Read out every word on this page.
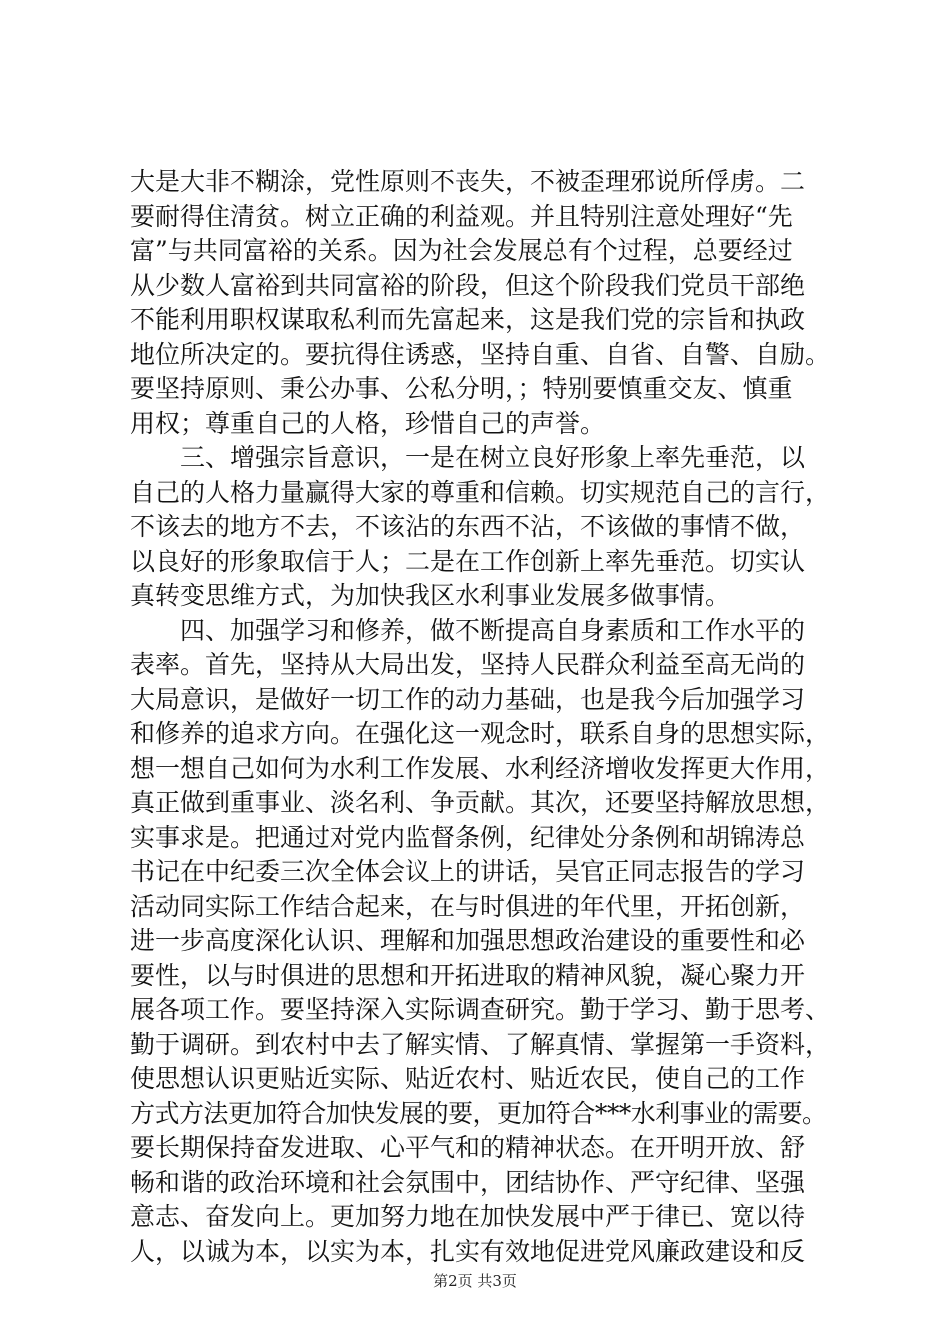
大是大非不糊涂，党性原则不丧失，不被歪理邪说所俘虏。二
要耐得住清贫。树立正确的利益观。并且特别注意处理好“先
富”与共同富裕的关系。因为社会发展总有个过程，总要经过
从少数人富裕到共同富裕的阶段，但这个阶段我们党员干部绝
不能利用职权谋取私利而先富起来，这是我们党的宗旨和执政
地位所决定的。要抗得住诱惑，坚持自重、自省、自警、自励。
要坚持原则、秉公办事、公私分明，；特别要慎重交友、慎重
用权；尊重自己的人格，珍惜自己的声誉。
　　三、增强宗旨意识，一是在树立良好形象上率先垂范，以
自己的人格力量赢得大家的尊重和信赖。切实规范自己的言行，
不该去的地方不去，不该沾的东西不沾，不该做的事情不做，
以良好的形象取信于人；二是在工作创新上率先垂范。切实认
真转变思维方式，为加快我区水利事业发展多做事情。
　　四、加强学习和修养，做不断提高自身素质和工作水平的
表率。首先，坚持从大局出发，坚持人民群众利益至高无尚的
大局意识，是做好一切工作的动力基础，也是我今后加强学习
和修养的追求方向。在强化这一观念时，联系自身的思想实际，
想一想自己如何为水利工作发展、水利经济增收发挥更大作用，
真正做到重事业、淡名利、争贡献。其次，还要坚持解放思想，
实事求是。把通过对党内监督条例，纪律处分条例和胡锦涛总
书记在中纪委三次全体会议上的讲话，吴官正同志报告的学习
活动同实际工作结合起来，在与时俱进的年代里，开拓创新，
进一步高度深化认识、理解和加强思想政治建设的重要性和必
要性，以与时俱进的思想和开拓进取的精神风貌，凝心聚力开
展各项工作。要坚持深入实际调查研究。勤于学习、勤于思考、
勤于调研。到农村中去了解实情、了解真情、掌握第一手资料，
使思想认识更贴近实际、贴近农村、贴近农民，使自己的工作
方式方法更加符合加快发展的要，更加符合***水利事业的需要。
要长期保持奋发进取、心平气和的精神状态。在开明开放、舒
畅和谐的政治环境和社会氛围中，团结协作、严守纪律、坚强
意志、奋发向上。更加努力地在加快发展中严于律已、宽以待
人，以诚为本，以实为本，扎实有效地促进党风廉政建设和反
第2页 共3页
